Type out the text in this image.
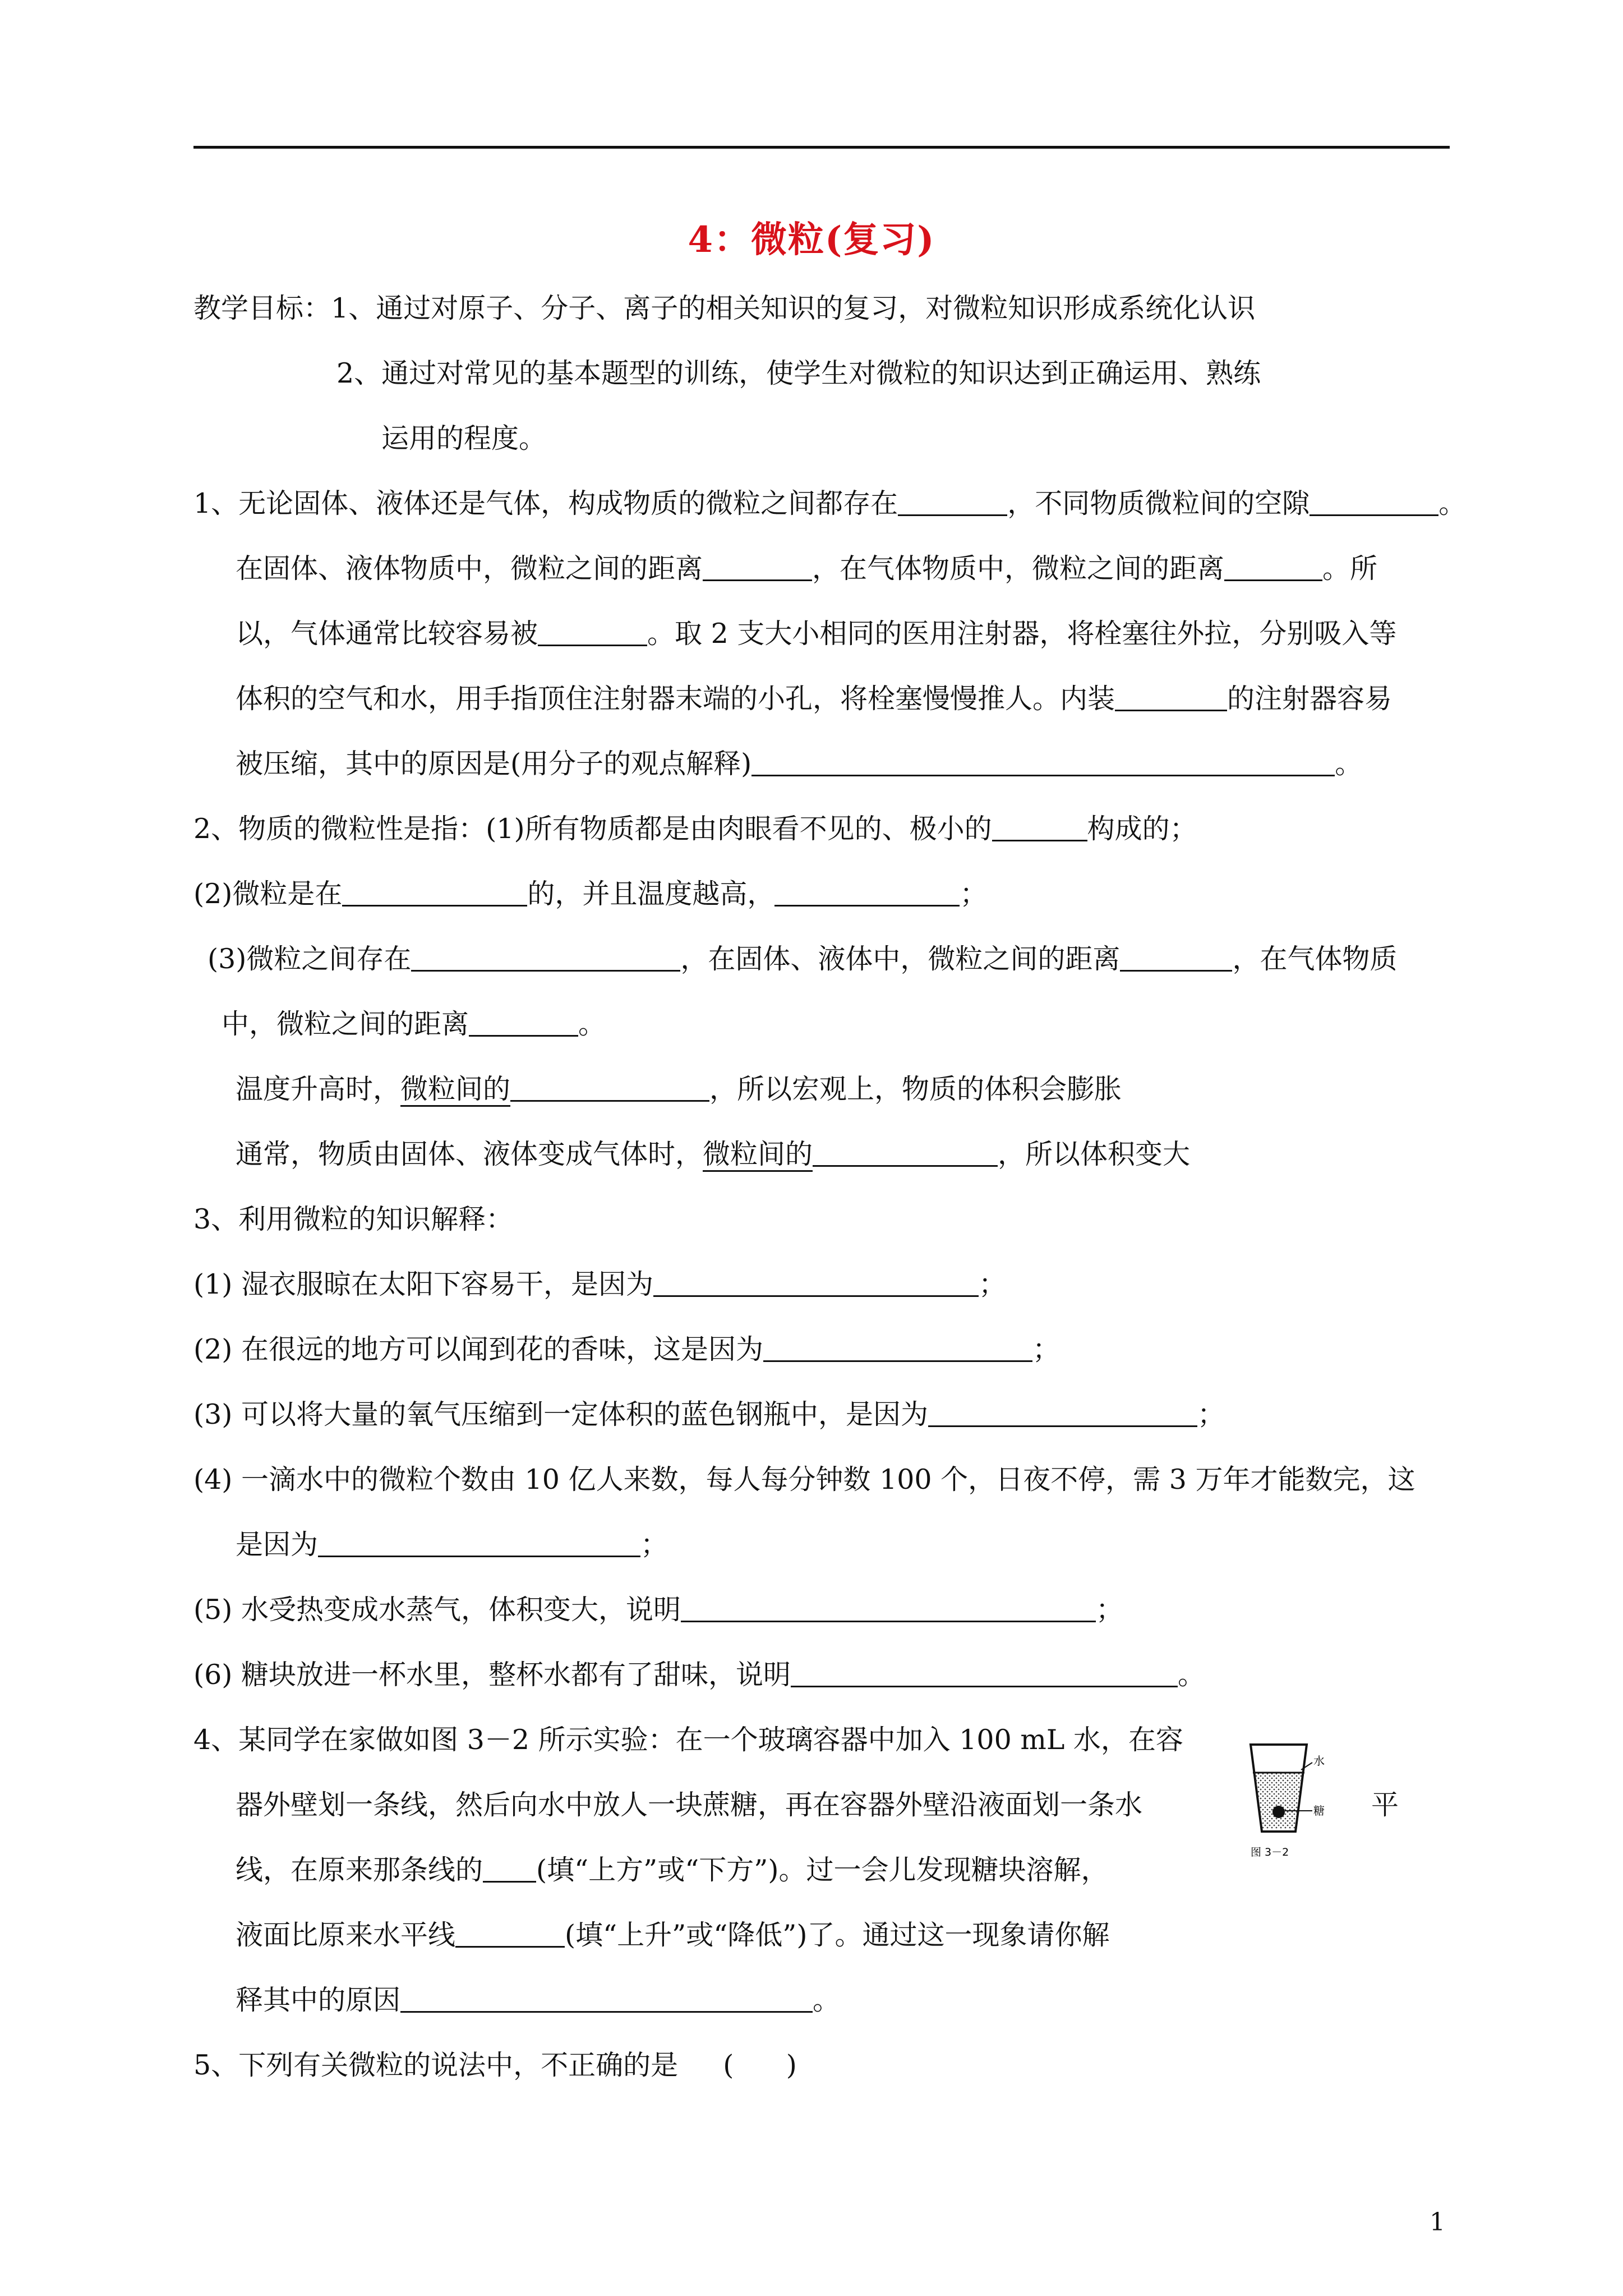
4：微粒(复习)
教学目标：1、通过对原子、分子、离子的相关知识的复习，对微粒知识形成系统化认识
2、通过对常见的基本题型的训练，使学生对微粒的知识达到正确运用、熟练
运用的程度。
1、无论固体、液体还是气体，构成物质的微粒之间都存在	，不同物质微粒间的空隙	。
在固体、液体物质中，微粒之间的距离	，在气体物质中，微粒之间的距离	。所
以，气体通常比较容易被	。取 2 支大小相同的医用注射器，将栓塞往外拉，分别吸入等
体积的空气和水，用手指顶住注射器末端的小孔，将栓塞慢慢推人。内装	的注射器容易
被压缩，其中的原因是(用分子的观点解释)	。
2、物质的微粒性是指：(1)所有物质都是由肉眼看不见的、极小的	构成的；
(2)微粒是在	的，并且温度越高，	；
(3)微粒之间存在	，在固体、液体中，微粒之间的距离	，在气体物质
中，微粒之间的距离	。
温度升高时，微粒间的	，所以宏观上，物质的体积会膨胀
通常，物质由固体、液体变成气体时，微粒间的	，所以体积变大
3、利用微粒的知识解释：
(1) 湿衣服晾在太阳下容易干，是因为	；
(2) 在很远的地方可以闻到花的香味，这是因为	；
(3) 可以将大量的氧气压缩到一定体积的蓝色钢瓶中，是因为	；
(4) 一滴水中的微粒个数由 10 亿人来数，每人每分钟数 100 个，日夜不停，需 3 万年才能数完，这
是因为	；
(5) 水受热变成水蒸气，体积变大，说明	；
(6) 糖块放进一杯水里，整杯水都有了甜味，说明	。
4、某同学在家做如图 3－2 所示实验：在一个玻璃容器中加入 100 mL 水，在容
器外壁划一条线，然后向水中放人一块蔗糖，再在容器外壁沿液面划一条水	平
线，在原来那条线的 (填“上方”或“下方”)。过一会儿发现糖块溶解，
液面比原来水平线	(填“上升”或“降低”)了。通过这一现象请你解
释其中的原因	。
水
糖
图 3－2
5、下列有关微粒的说法中，不正确的是 (      )
1
